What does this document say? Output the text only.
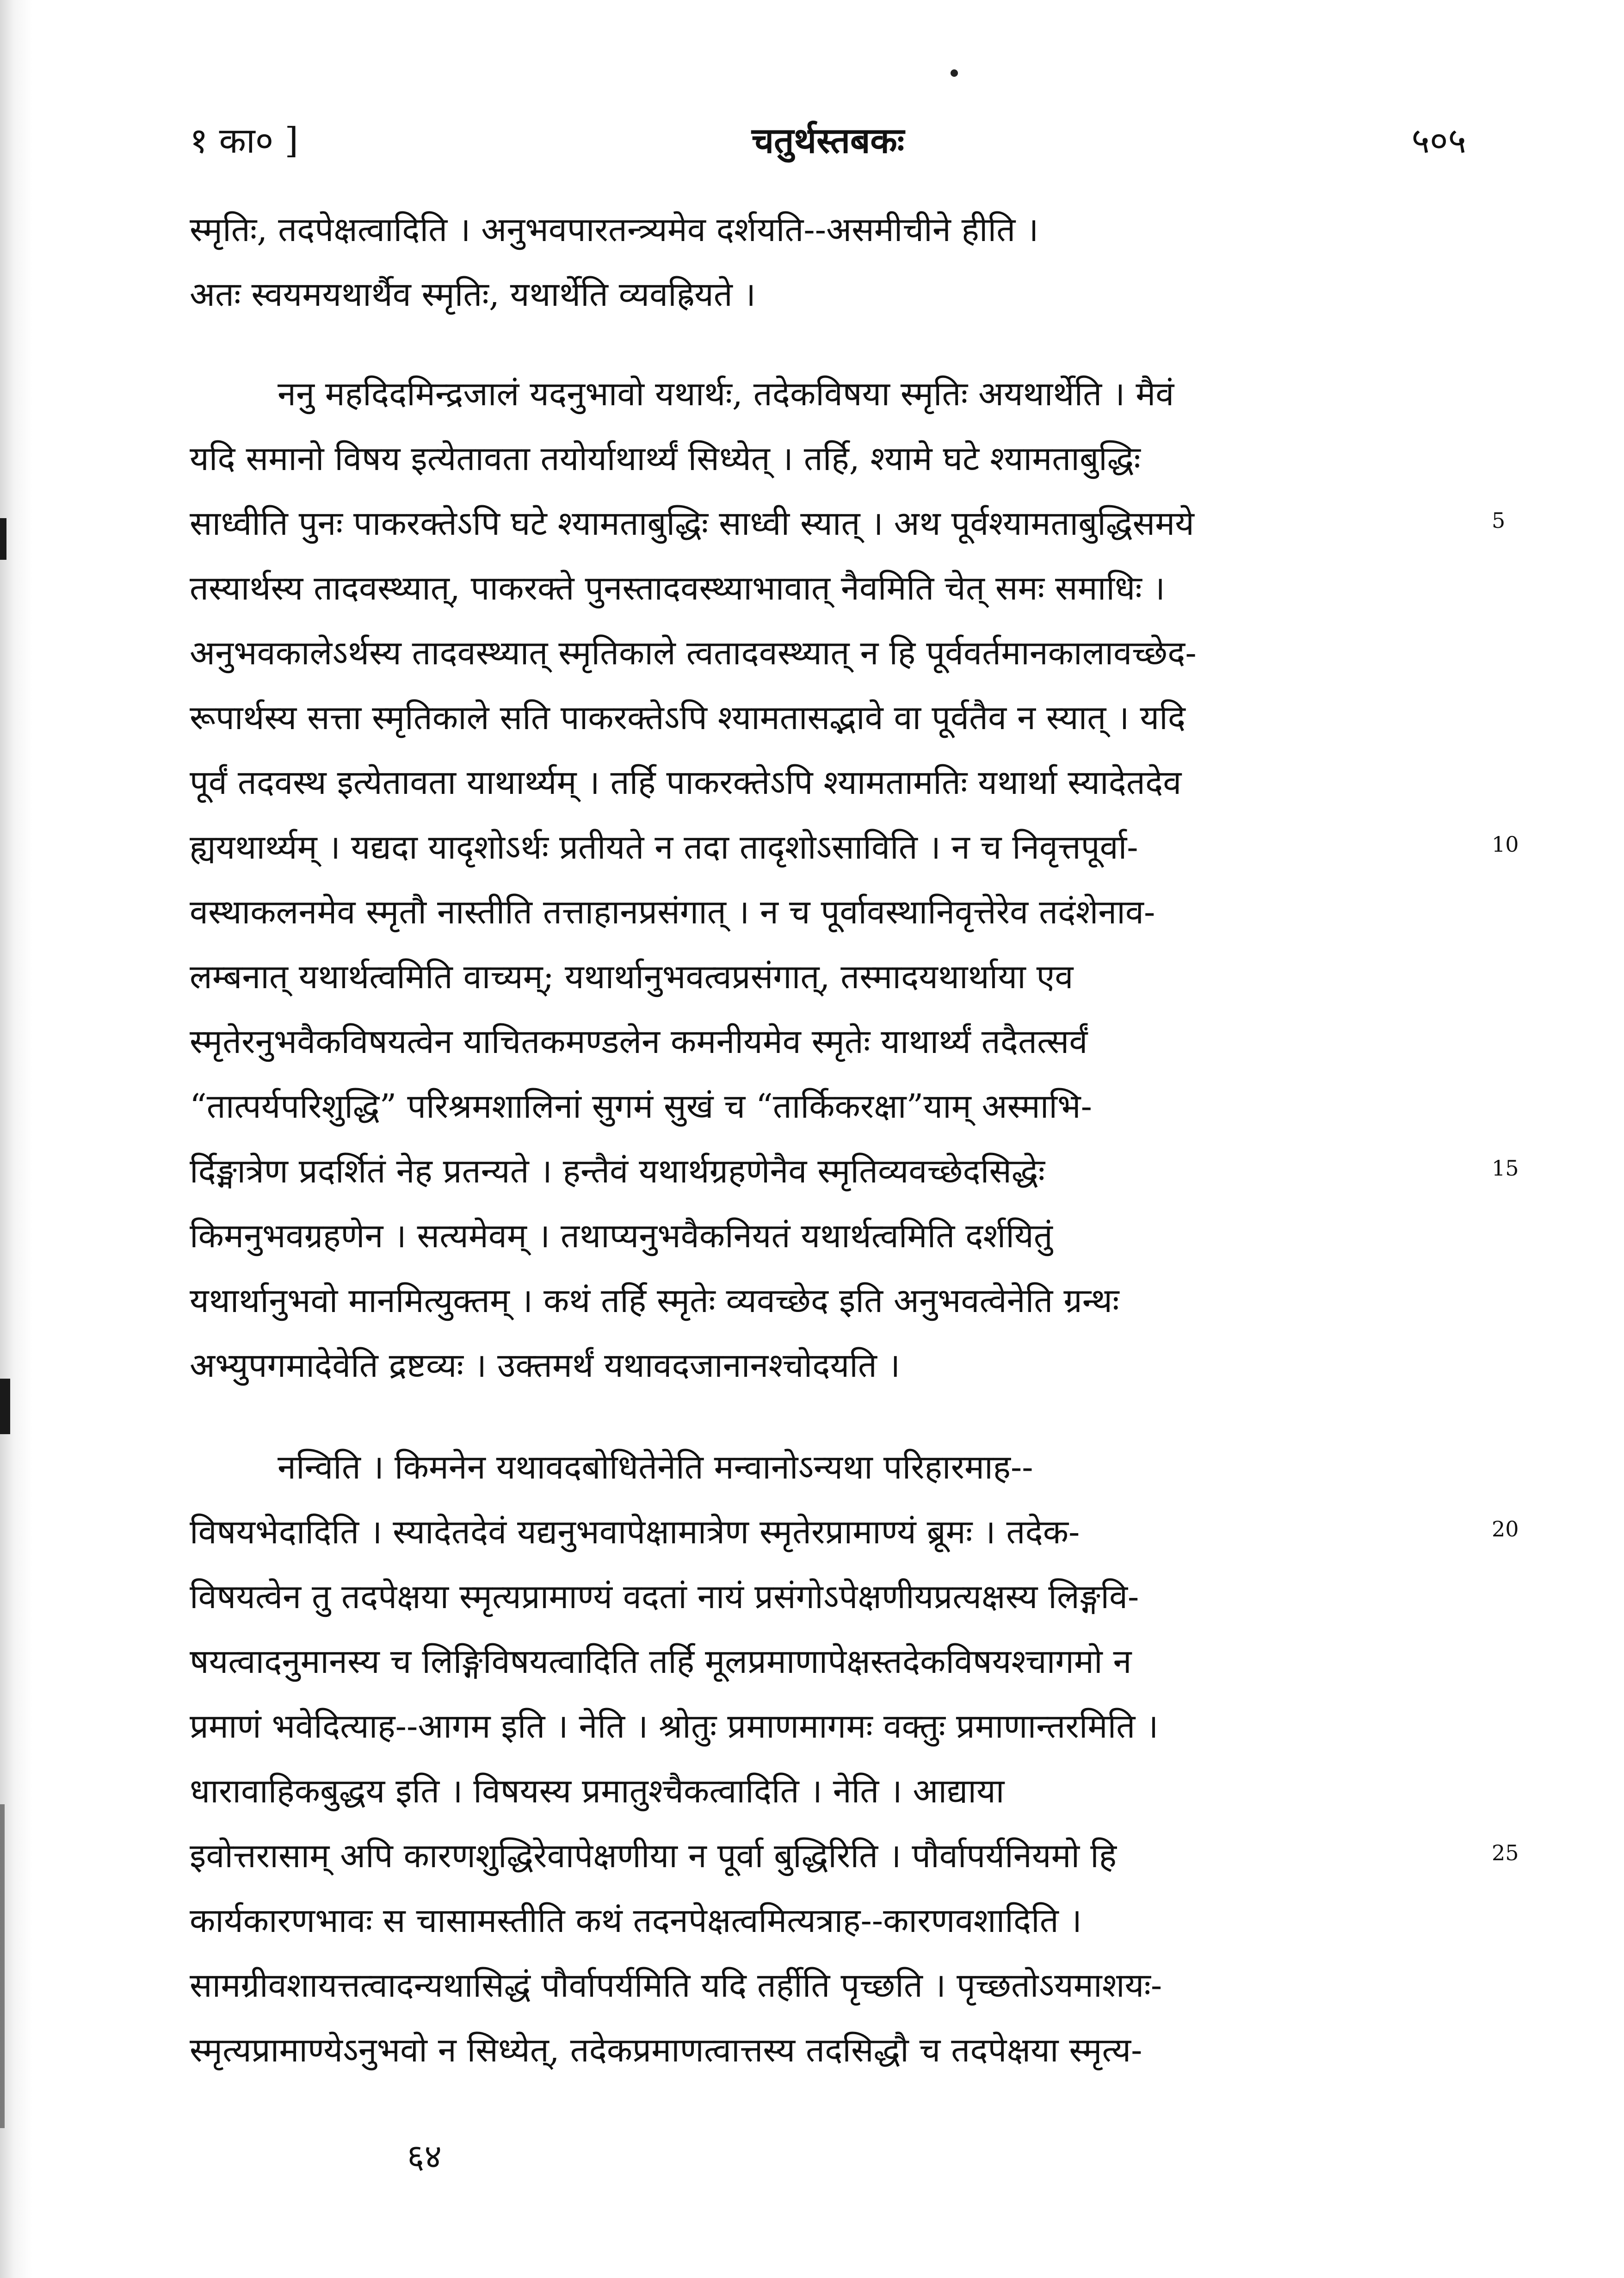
१ का० ]	चतुर्थस्तबकः	५०५
स्मृतिः, तदपेक्षत्वादिति । अनुभवपारतन्त्र्यमेव दर्शयति--असमीचीने हीति ।
अतः स्वयमयथार्थैव स्मृतिः, यथार्थेति व्यवह्रियते ।
ननु महदिदमिन्द्रजालं यदनुभावो यथार्थः, तदेकविषया स्मृतिः अयथार्थेति । मैवं
यदि समानो विषय इत्येतावता तयोर्याथार्थ्यं सिध्येत् । तर्हि, श्यामे घटे श्यामताबुद्धिः
साध्वीति पुनः पाकरक्तेऽपि घटे श्यामताबुद्धिः साध्वी स्यात् । अथ पूर्वश्यामताबुद्धिसमये	5
तस्यार्थस्य तादवस्थ्यात्, पाकरक्ते पुनस्तादवस्थ्याभावात् नैवमिति चेत् समः समाधिः ।
अनुभवकालेऽर्थस्य तादवस्थ्यात् स्मृतिकाले त्वतादवस्थ्यात् न हि पूर्ववर्तमानकालावच्छेद-
रूपार्थस्य सत्ता स्मृतिकाले सति पाकरक्तेऽपि श्यामतासद्भावे वा पूर्वतैव न स्यात् । यदि
पूर्वं तदवस्थ इत्येतावता याथार्थ्यम् । तर्हि पाकरक्तेऽपि श्यामतामतिः यथार्था स्यादेतदेव
ह्ययथार्थ्यम् । यद्यदा यादृशोऽर्थः प्रतीयते न तदा तादृशोऽसाविति । न च निवृत्तपूर्वा-	10
वस्थाकलनमेव स्मृतौ नास्तीति तत्ताहानप्रसंगात् । न च पूर्वावस्थानिवृत्तेरेव तदंशेनाव-
लम्बनात् यथार्थत्वमिति वाच्यम्; यथार्थानुभवत्वप्रसंगात्, तस्मादयथार्थाया एव
स्मृतेरनुभवैकविषयत्वेन याचितकमण्डलेन कमनीयमेव स्मृतेः याथार्थ्यं तदैतत्सर्वं
“तात्पर्यपरिशुद्धि” परिश्रमशालिनां सुगमं सुखं च “तार्किकरक्षा”याम् अस्माभि-
र्दिङ्मात्रेण प्रदर्शितं नेह प्रतन्यते । हन्तैवं यथार्थग्रहणेनैव स्मृतिव्यवच्छेदसिद्धेः	15
किमनुभवग्रहणेन । सत्यमेवम् । तथाप्यनुभवैकनियतं यथार्थत्वमिति दर्शयितुं
यथार्थानुभवो मानमित्युक्तम् । कथं तर्हि स्मृतेः व्यवच्छेद इति अनुभवत्वेनेति ग्रन्थः
अभ्युपगमादेवेति द्रष्टव्यः । उक्तमर्थं यथावदजानानश्चोदयति ।
नन्विति । किमनेन यथावदबोधितेनेति मन्वानोऽन्यथा परिहारमाह--
विषयभेदादिति । स्यादेतदेवं यद्यनुभवापेक्षामात्रेण स्मृतेरप्रामाण्यं ब्रूमः । तदेक-	20
विषयत्वेन तु तदपेक्षया स्मृत्यप्रामाण्यं वदतां नायं प्रसंगोऽपेक्षणीयप्रत्यक्षस्य लिङ्गवि-
षयत्वादनुमानस्य च लिङ्गिविषयत्वादिति तर्हि मूलप्रमाणापेक्षस्तदेकविषयश्चागमो न
प्रमाणं भवेदित्याह--आगम इति । नेति । श्रोतुः प्रमाणमागमः वक्तुः प्रमाणान्तरमिति ।
धारावाहिकबुद्धय इति । विषयस्य प्रमातुश्चैकत्वादिति । नेति । आद्याया
इवोत्तरासाम् अपि कारणशुद्धिरेवापेक्षणीया न पूर्वा बुद्धिरिति । पौर्वापर्यनियमो हि	25
कार्यकारणभावः स चासामस्तीति कथं तदनपेक्षत्वमित्यत्राह--कारणवशादिति ।
सामग्रीवशायत्तत्वादन्यथासिद्धं पौर्वापर्यमिति यदि तर्हीति पृच्छति । पृच्छतोऽयमाशयः-
स्मृत्यप्रामाण्येऽनुभवो न सिध्येत्, तदेकप्रमाणत्वात्तस्य तदसिद्धौ च तदपेक्षया स्मृत्य-
६४
